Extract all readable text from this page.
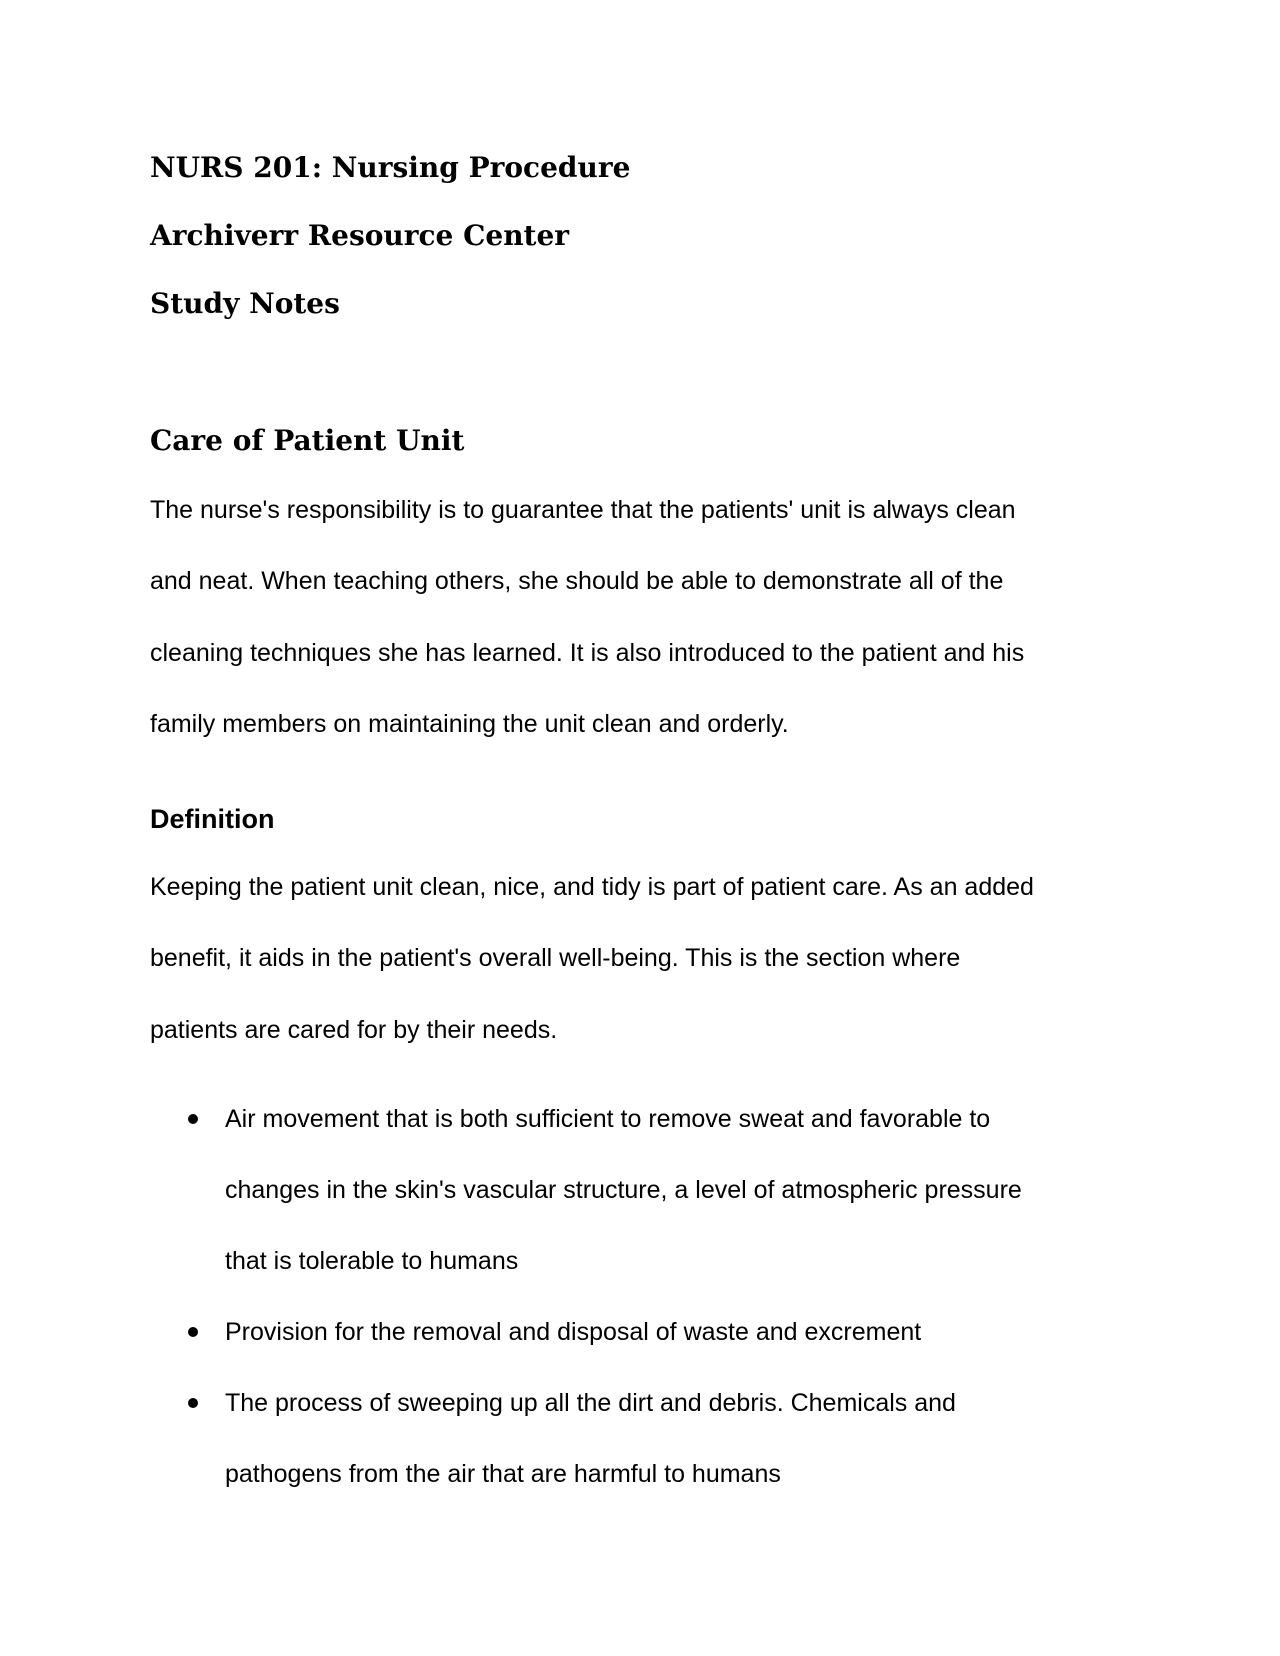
NURS 201: Nursing Procedure
Archiverr Resource Center
Study Notes
Care of Patient Unit

The nurse's responsibility is to guarantee that the patients' unit is always clean

and neat. When teaching others, she should be able to demonstrate all of the

cleaning techniques she has learned. It is also introduced to the patient and his

family members on maintaining the unit clean and orderly.

Definition

Keeping the patient unit clean, nice, and tidy is part of patient care. As an added

benefit, it aids in the patient's overall well-being. This is the section where

patients are cared for by their needs.

Air movement that is both sufficient to remove sweat and favorable to

changes in the skin's vascular structure, a level of atmospheric pressure

that is tolerable to humans

Provision for the removal and disposal of waste and excrement

The process of sweeping up all the dirt and debris. Chemicals and

pathogens from the air that are harmful to humans
